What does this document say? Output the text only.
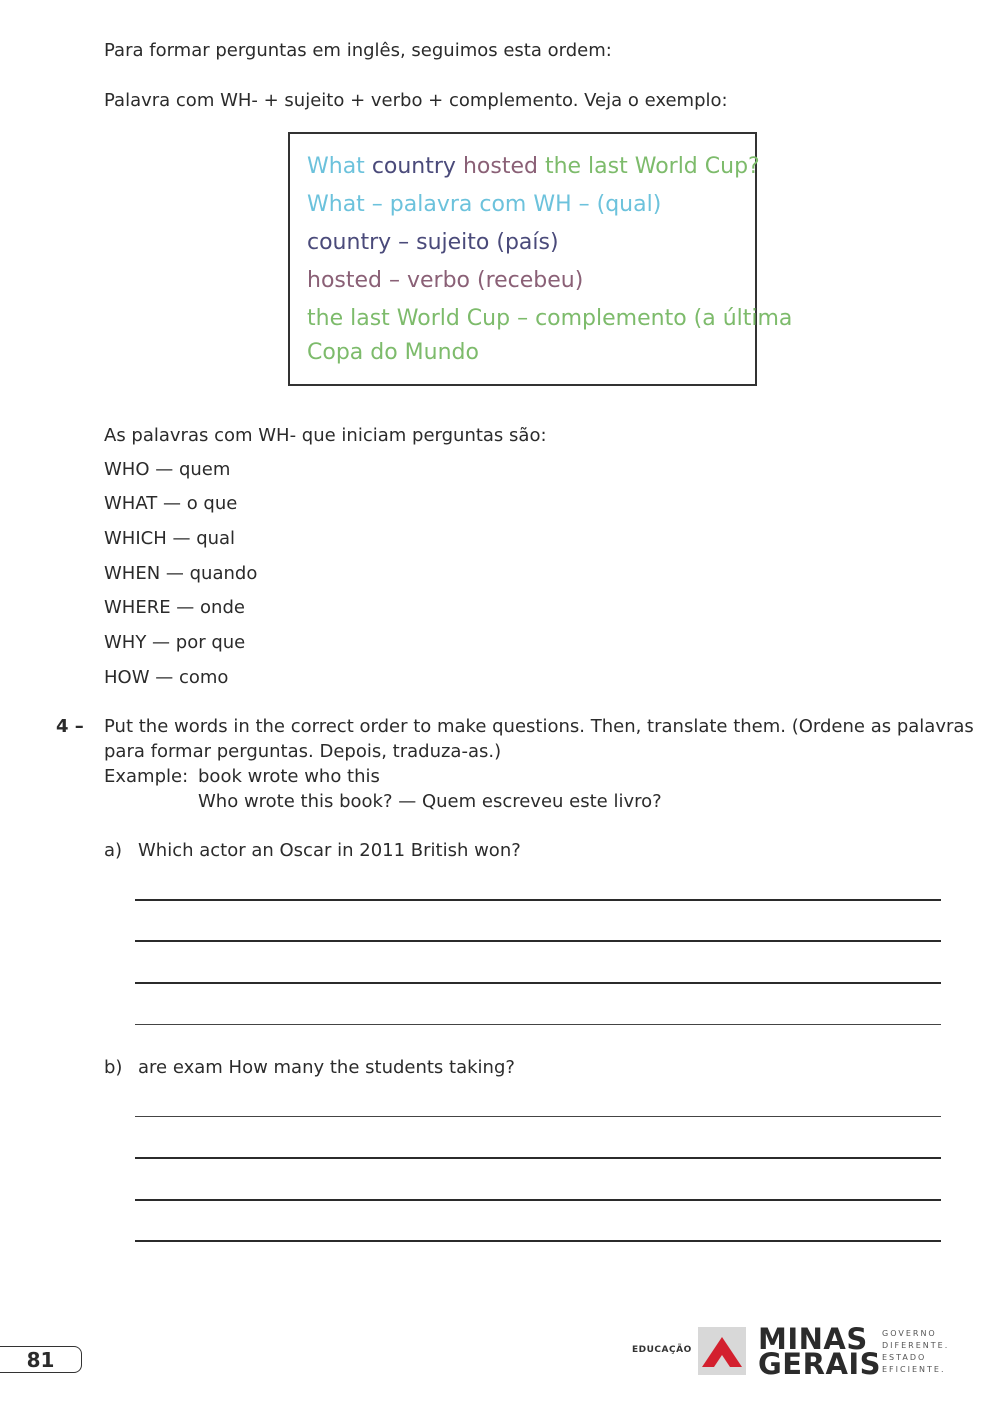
Para formar perguntas em inglês, seguimos esta ordem:
Palavra com WH- + sujeito + verbo + complemento. Veja o exemplo:
What country hosted the last World Cup?
What – palavra com WH – (qual)
country – sujeito (país)
hosted – verbo (recebeu)
the last World Cup – complemento (a última
Copa do Mundo
As palavras com WH- que iniciam perguntas são:
WHO — quem
WHAT — o que
WHICH — qual
WHEN — quando
WHERE — onde
WHY — por que
HOW — como
4 – Put the words in the correct order to make questions. Then, translate them. (Ordene as palavras
para formar perguntas. Depois, traduza-as.)
Example: book wrote who this
Who wrote this book? — Quem escreveu este livro?
a) Which actor an Oscar in 2011 British won?
b) are exam How many the students taking?
81	EDUCAÇÃO MINAS
GERAIS
GOVERNO
DIFERENTE.
ESTADO
EFICIENTE.
